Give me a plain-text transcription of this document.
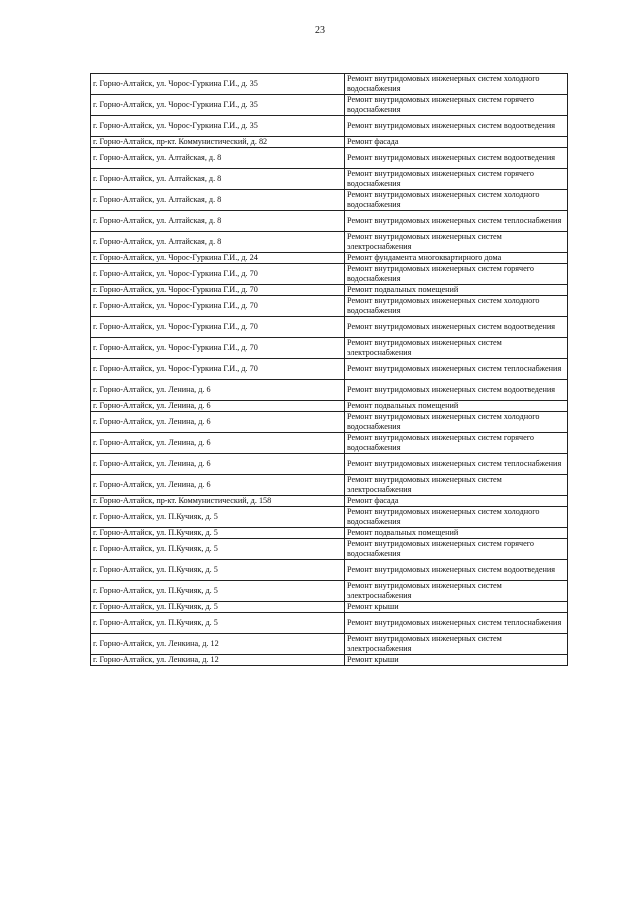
23
г. Горно-Алтайск, ул. Чорос-Гуркина Г.И., д. 35	Ремонт внутридомовых инженерных систем холодного водоснабжения
г. Горно-Алтайск, ул. Чорос-Гуркина Г.И., д. 35	Ремонт внутридомовых инженерных систем горячего водоснабжения
г. Горно-Алтайск, ул. Чорос-Гуркина Г.И., д. 35	Ремонт внутридомовых инженерных систем водоотведения
г. Горно-Алтайск, пр-кт. Коммунистический, д. 82	Ремонт фасада
г. Горно-Алтайск, ул. Алтайская, д. 8	Ремонт внутридомовых инженерных систем водоотведения
г. Горно-Алтайск, ул. Алтайская, д. 8	Ремонт внутридомовых инженерных систем горячего водоснабжения
г. Горно-Алтайск, ул. Алтайская, д. 8	Ремонт внутридомовых инженерных систем холодного водоснабжения
г. Горно-Алтайск, ул. Алтайская, д. 8	Ремонт внутридомовых инженерных систем теплоснабжения
г. Горно-Алтайск, ул. Алтайская, д. 8	Ремонт внутридомовых инженерных систем электроснабжения
г. Горно-Алтайск, ул. Чорос-Гуркина Г.И., д. 24	Ремонт фундамента многоквартирного дома
г. Горно-Алтайск, ул. Чорос-Гуркина Г.И., д. 70	Ремонт внутридомовых инженерных систем горячего водоснабжения
г. Горно-Алтайск, ул. Чорос-Гуркина Г.И., д. 70	Ремонт подвальных помещений
г. Горно-Алтайск, ул. Чорос-Гуркина Г.И., д. 70	Ремонт внутридомовых инженерных систем холодного водоснабжения
г. Горно-Алтайск, ул. Чорос-Гуркина Г.И., д. 70	Ремонт внутридомовых инженерных систем водоотведения
г. Горно-Алтайск, ул. Чорос-Гуркина Г.И., д. 70	Ремонт внутридомовых инженерных систем электроснабжения
г. Горно-Алтайск, ул. Чорос-Гуркина Г.И., д. 70	Ремонт внутридомовых инженерных систем теплоснабжения
г. Горно-Алтайск, ул. Ленина, д. 6	Ремонт внутридомовых инженерных систем водоотведения
г. Горно-Алтайск, ул. Ленина, д. 6	Ремонт подвальных помещений
г. Горно-Алтайск, ул. Ленина, д. 6	Ремонт внутридомовых инженерных систем холодного водоснабжения
г. Горно-Алтайск, ул. Ленина, д. 6	Ремонт внутридомовых инженерных систем горячего водоснабжения
г. Горно-Алтайск, ул. Ленина, д. 6	Ремонт внутридомовых инженерных систем теплоснабжения
г. Горно-Алтайск, ул. Ленина, д. 6	Ремонт внутридомовых инженерных систем электроснабжения
г. Горно-Алтайск, пр-кт. Коммунистический, д. 158	Ремонт фасада
г. Горно-Алтайск, ул. П.Кучияк, д. 5	Ремонт внутридомовых инженерных систем холодного водоснабжения
г. Горно-Алтайск, ул. П.Кучияк, д. 5	Ремонт подвальных помещений
г. Горно-Алтайск, ул. П.Кучияк, д. 5	Ремонт внутридомовых инженерных систем горячего водоснабжения
г. Горно-Алтайск, ул. П.Кучияк, д. 5	Ремонт внутридомовых инженерных систем водоотведения
г. Горно-Алтайск, ул. П.Кучияк, д. 5	Ремонт внутридомовых инженерных систем электроснабжения
г. Горно-Алтайск, ул. П.Кучияк, д. 5	Ремонт крыши
г. Горно-Алтайск, ул. П.Кучияк, д. 5	Ремонт внутридомовых инженерных систем теплоснабжения
г. Горно-Алтайск, ул. Ленкина, д. 12	Ремонт внутридомовых инженерных систем электроснабжения
г. Горно-Алтайск, ул. Ленкина, д. 12	Ремонт крыши
